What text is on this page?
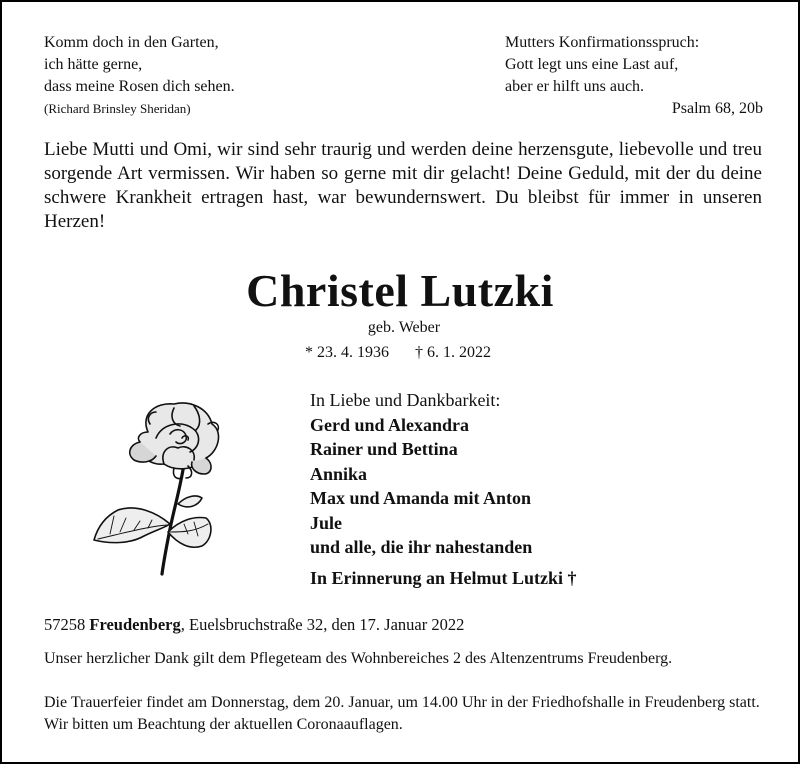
Komm doch in den Garten,
ich hätte gerne,
dass meine Rosen dich sehen.
(Richard Brinsley Sheridan)
Mutters Konfirmationsspruch:
Gott legt uns eine Last auf,
aber er hilft uns auch.
Psalm 68, 20b
Liebe Mutti und Omi, wir sind sehr traurig und werden deine herzensgute, liebevolle und treu sorgende Art vermissen. Wir haben so gerne mit dir gelacht! Deine Geduld, mit der du deine schwere Krankheit ertragen hast, war bewundernswert. Du bleibst für immer in unseren Herzen!
Christel Lutzki
geb. Weber
* 23. 4. 1936 † 6. 1. 2022
In Liebe und Dankbarkeit:
Gerd und Alexandra
Rainer und Bettina
Annika
Max und Amanda mit Anton
Jule
und alle, die ihr nahestanden
In Erinnerung an Helmut Lutzki †
57258 Freudenberg, Euelsbruchstraße 32, den 17. Januar 2022
Unser herzlicher Dank gilt dem Pflegeteam des Wohnbereiches 2 des Altenzentrums Freudenberg.
Die Trauerfeier findet am Donnerstag, dem 20. Januar, um 14.00 Uhr in der Friedhofshalle in Freudenberg statt. Wir bitten um Beachtung der aktuellen Coronaauflagen.
